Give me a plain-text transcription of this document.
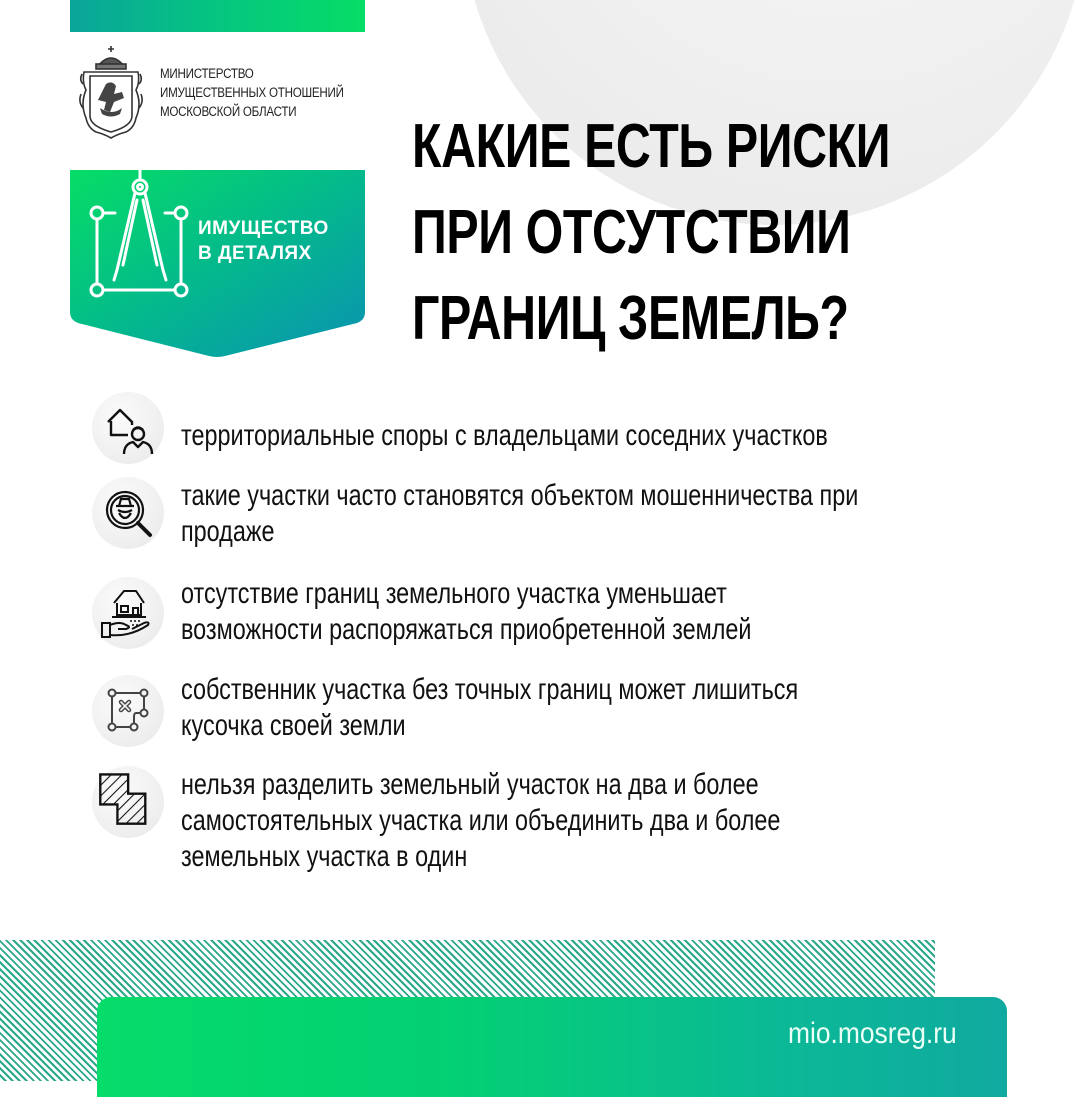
МИНИСТЕРСТВО
ИМУЩЕСТВЕННЫХ ОТНОШЕНИЙ
МОСКОВСКОЙ ОБЛАСТИ
ИМУЩЕСТВО
В ДЕТАЛЯХ
КАКИЕ ЕСТЬ РИСКИ
ПРИ ОТСУТСТВИИ
ГРАНИЦ ЗЕМЕЛЬ?
территориальные споры с владельцами соседних участков
такие участки часто становятся объектом мошенничества при
продаже
отсутствие границ земельного участка уменьшает
возможности распоряжаться приобретенной землей
собственник участка без точных границ может лишиться
кусочка своей земли
нельзя разделить земельный участок на два и более
самостоятельных участка или объединить два и более
земельных участка в один
mio.mosreg.ru
